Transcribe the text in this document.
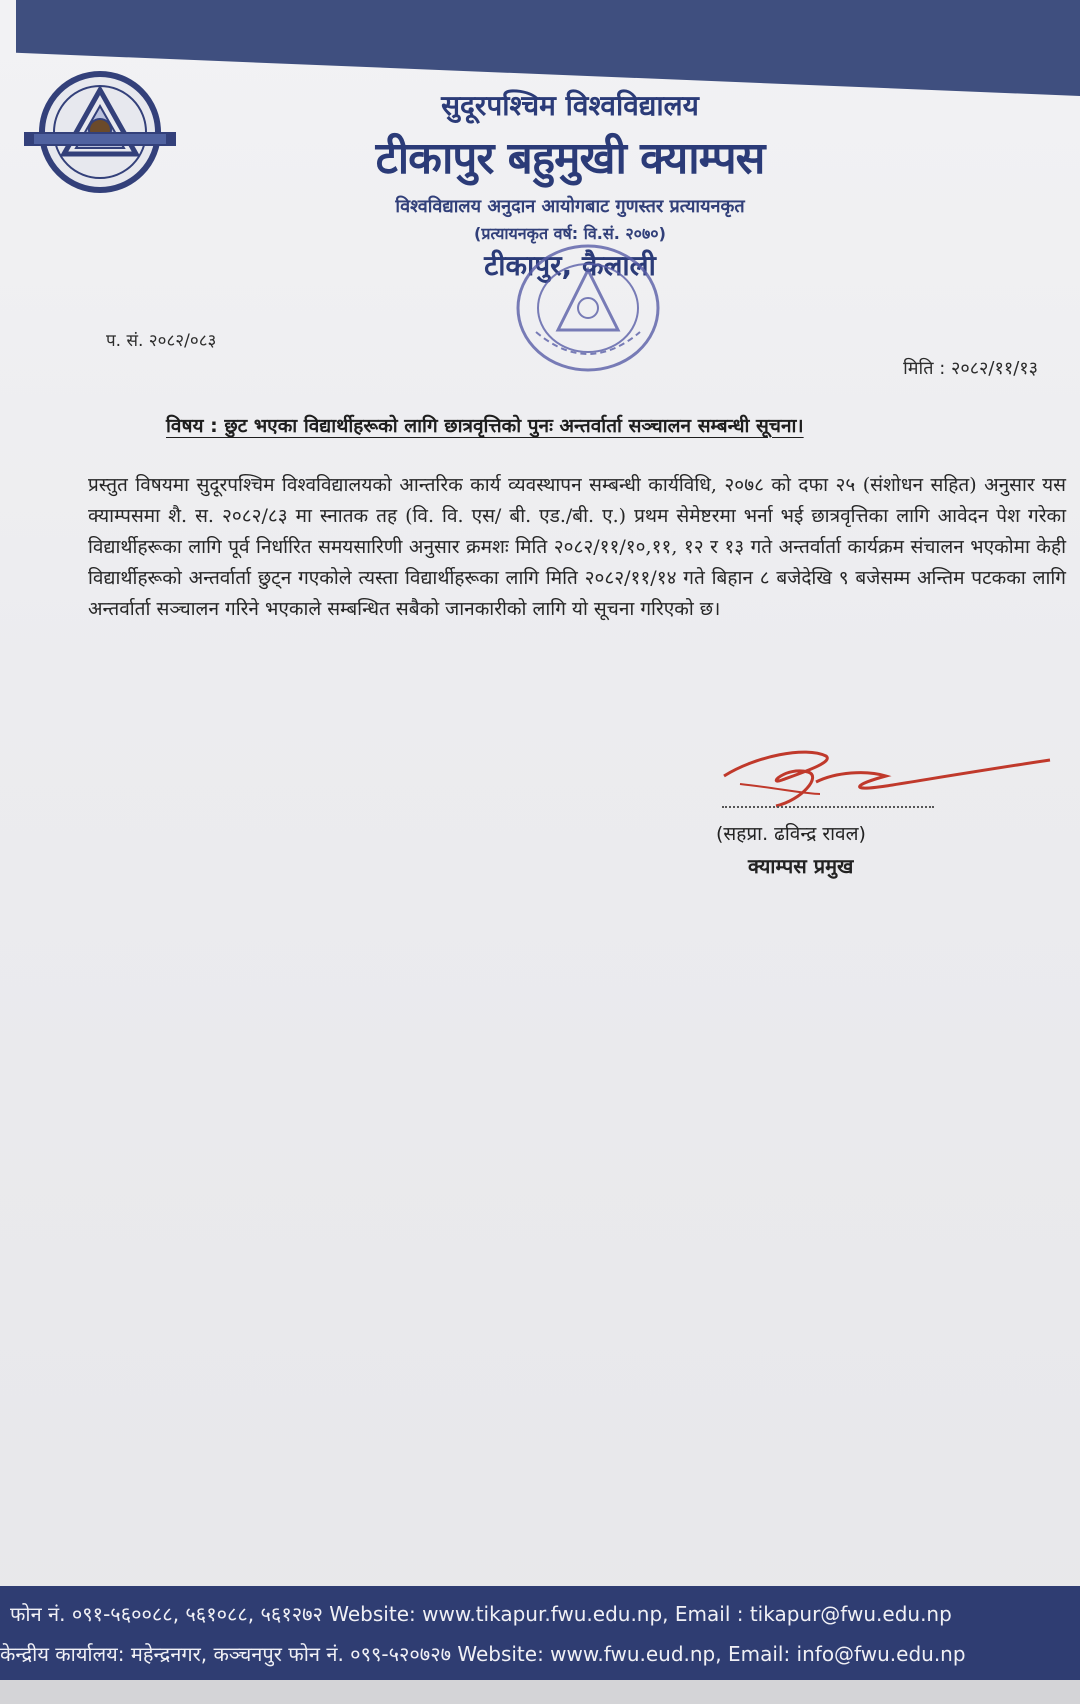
सुदूरपश्चिम विश्वविद्यालय

टीकापुर बहुमुखी क्याम्पस

विश्वविद्यालय अनुदान आयोगबाट गुणस्तर प्रत्यायनकृत

(प्रत्यायनकृत वर्ष: वि.सं. २०७०)

टीकापुर, कैलाली

प. सं. २०८२/०८३
मिति : २०८२/११/१३
विषय : छुट भएका विद्यार्थीहरूको लागि छात्रवृत्तिको पुनः अन्तर्वार्ता सञ्चालन सम्बन्धी सूचना।
प्रस्तुत विषयमा सुदूरपश्चिम विश्वविद्यालयको आन्तरिक कार्य व्यवस्थापन सम्बन्धी कार्यविधि, २०७८ को दफा २५ (संशोधन सहित) अनुसार यस क्याम्पसमा शै. स. २०८२/८३ मा स्नातक तह (वि. वि. एस/ बी. एड./बी. ए.) प्रथम सेमेष्टरमा भर्ना भई छात्रवृत्तिका लागि आवेदन पेश गरेका विद्यार्थीहरूका लागि पूर्व निर्धारित समयसारिणी अनुसार क्रमशः मिति २०८२/११/१०,११, १२ र १३ गते अन्तर्वार्ता कार्यक्रम संचालन भएकोमा केही विद्यार्थीहरूको अन्तर्वार्ता छुट्न गएकोले त्यस्ता विद्यार्थीहरूका लागि मिति २०८२/११/१४ गते बिहान ८ बजेदेखि ९ बजेसम्म अन्तिम पटकका लागि अन्तर्वार्ता सञ्चालन गरिने भएकाले सम्बन्धित सबैको जानकारीको लागि यो सूचना गरिएको छ।
(सहप्रा. ढविन्द्र रावल)
क्याम्पस प्रमुख
फोन नं. ०९१-५६००८८, ५६१०८८, ५६१२७२ Website: www.tikapur.fwu.edu.np, Email : tikapur@fwu.edu.np
केन्द्रीय कार्यालय: महेन्द्रनगर, कञ्चनपुर फोन नं. ०९९-५२०७२७ Website: www.fwu.eud.np, Email: info@fwu.edu.np
